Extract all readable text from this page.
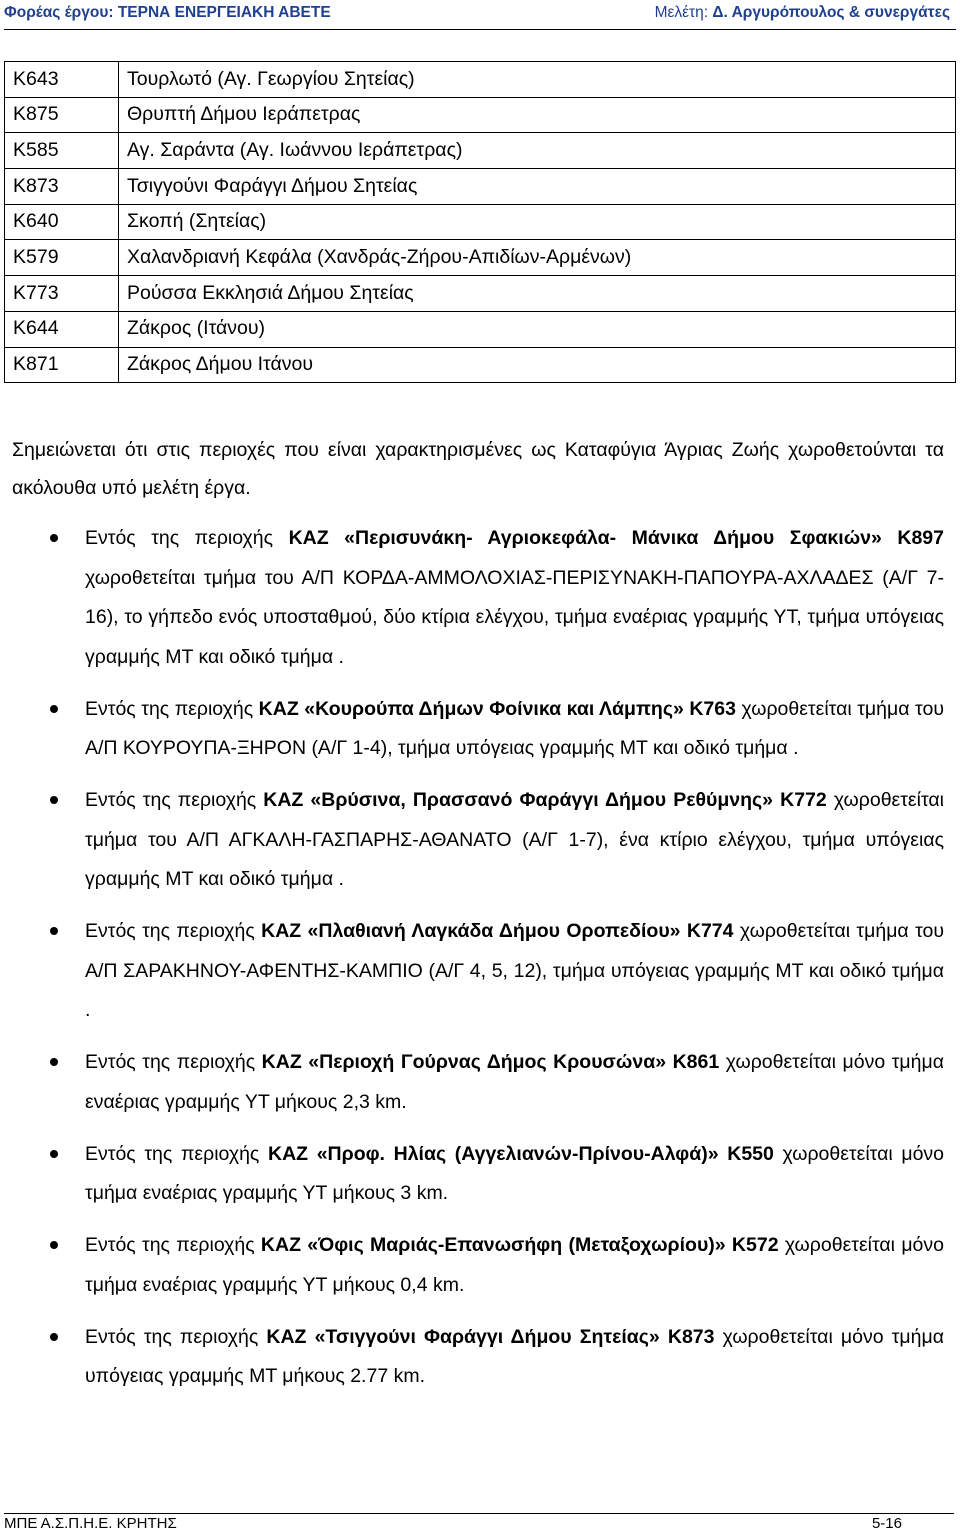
Φορέας έργου: ΤΕΡΝΑ ΕΝΕΡΓΕΙΑΚΗ ΑΒΕΤΕ	Μελέτη: Δ. Αργυρόπουλος & συνεργάτες
Κ643	Τουρλωτό (Αγ. Γεωργίου Σητείας)
Κ875	Θρυπτή Δήμου Ιεράπετρας
Κ585	Αγ. Σαράντα (Αγ. Ιωάννου Ιεράπετρας)
Κ873	Τσιγγούνι Φαράγγι Δήμου Σητείας
Κ640	Σκοπή (Σητείας)
Κ579	Χαλανδριανή Κεφάλα (Χανδράς-Ζήρου-Απιδίων-Αρμένων)
Κ773	Ρούσσα Εκκλησιά Δήμου Σητείας
Κ644	Ζάκρος (Ιτάνου)
Κ871	Ζάκρος Δήμου Ιτάνου
Σημειώνεται ότι στις περιοχές που είναι χαρακτηρισμένες ως Καταφύγια Άγριας Ζωής χωροθετούνται τα ακόλουθα υπό μελέτη έργα.
Εντός της περιοχής ΚΑΖ «Περισυνάκη- Αγριοκεφάλα- Μάνικα Δήμου Σφακιών» Κ897 χωροθετείται τμήμα του Α/Π ΚΟΡΔΑ-ΑΜΜΟΛΟΧΙΑΣ-ΠΕΡΙΣΥΝΑΚΗ-ΠΑΠΟΥΡΑ-ΑΧΛΑΔΕΣ (Α/Γ 7-16), το γήπεδο ενός υποσταθμού, δύο κτίρια ελέγχου, τμήμα εναέριας γραμμής ΥΤ, τμήμα υπόγειας γραμμής ΜΤ και οδικό τμήμα .
Εντός της περιοχής ΚΑΖ «Κουρούπα Δήμων Φοίνικα και Λάμπης» Κ763 χωροθετείται τμήμα του Α/Π ΚΟΥΡΟΥΠΑ-ΞΗΡΟΝ (Α/Γ 1-4), τμήμα υπόγειας γραμμής ΜΤ και οδικό τμήμα .
Εντός της περιοχής ΚΑΖ «Βρύσινα, Πρασσανό Φαράγγι Δήμου Ρεθύμνης» Κ772 χωροθετείται τμήμα του Α/Π ΑΓΚΑΛΗ-ΓΑΣΠΑΡΗΣ-ΑΘΑΝΑΤΟ (Α/Γ 1-7), ένα κτίριο ελέγχου, τμήμα υπόγειας γραμμής ΜΤ και οδικό τμήμα .
Εντός της περιοχής ΚΑΖ «Πλαθιανή Λαγκάδα Δήμου Οροπεδίου» Κ774 χωροθετείται τμήμα του Α/Π ΣΑΡΑΚΗΝΟΥ-ΑΦΕΝΤΗΣ-ΚΑΜΠΙΟ (Α/Γ 4, 5, 12), τμήμα υπόγειας γραμμής ΜΤ και οδικό τμήμα .
Εντός της περιοχής ΚΑΖ «Περιοχή Γούρνας Δήμος Κρουσώνα» Κ861 χωροθετείται μόνο τμήμα εναέριας γραμμής ΥΤ μήκους 2,3 km.
Εντός της περιοχής ΚΑΖ «Προφ. Ηλίας (Αγγελιανών-Πρίνου-Αλφά)» Κ550 χωροθετείται μόνο τμήμα εναέριας γραμμής ΥΤ μήκους 3 km.
Εντός της περιοχής ΚΑΖ «Όφις Μαριάς-Επανωσήφη (Μεταξοχωρίου)» Κ572 χωροθετείται μόνο τμήμα εναέριας γραμμής ΥΤ μήκους 0,4 km.
Εντός της περιοχής ΚΑΖ «Τσιγγούνι Φαράγγι Δήμου Σητείας» Κ873 χωροθετείται μόνο τμήμα υπόγειας γραμμής ΜΤ μήκους 2.77 km.
ΜΠΕ Α.Σ.Π.Η.Ε. ΚΡΗΤΗΣ	5-16
